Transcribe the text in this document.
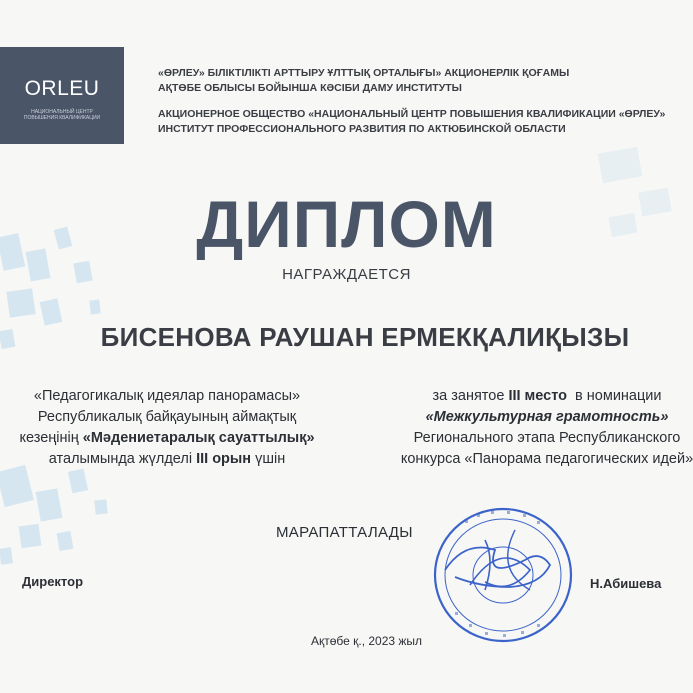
ORLEU
НАЦИОНАЛЬНЫЙ ЦЕНТР ПОВЫШЕНИЯ КВАЛИФИКАЦИИ
«ӨРЛЕУ» БІЛІКТІЛІКТІ АРТТЫРУ ҰЛТТЫҚ ОРТАЛЫҒЫ» АКЦИОНЕРЛІК ҚОҒАМЫ
АҚТӨБЕ ОБЛЫСЫ БОЙЫНША КӘСІБИ ДАМУ ИНСТИТУТЫ
АКЦИОНЕРНОЕ ОБЩЕСТВО «НАЦИОНАЛЬНЫЙ ЦЕНТР ПОВЫШЕНИЯ КВАЛИФИКАЦИИ «ӨРЛЕУ»
ИНСТИТУТ ПРОФЕССИОНАЛЬНОГО РАЗВИТИЯ ПО АКТЮБИНСКОЙ ОБЛАСТИ
ДИПЛОМ
НАГРАЖДАЕТСЯ
БИСЕНОВА РАУШАН ЕРМЕКҚАЛИҚЫЗЫ
«Педагогикалық идеялар панорамасы»
Республикалық байқауының аймақтық
кезеңінің «Мәдениетаралық сауаттылық»
аталымында жүлделі III орын үшін
за занятое III место  в номинации
«Межкультурная грамотность»
Регионального этапа Республиканского
конкурса «Панорама педагогических идей»
МАРАПАТТАЛАДЫ
Директор	Н.Абишева
Ақтөбе қ., 2023 жыл
